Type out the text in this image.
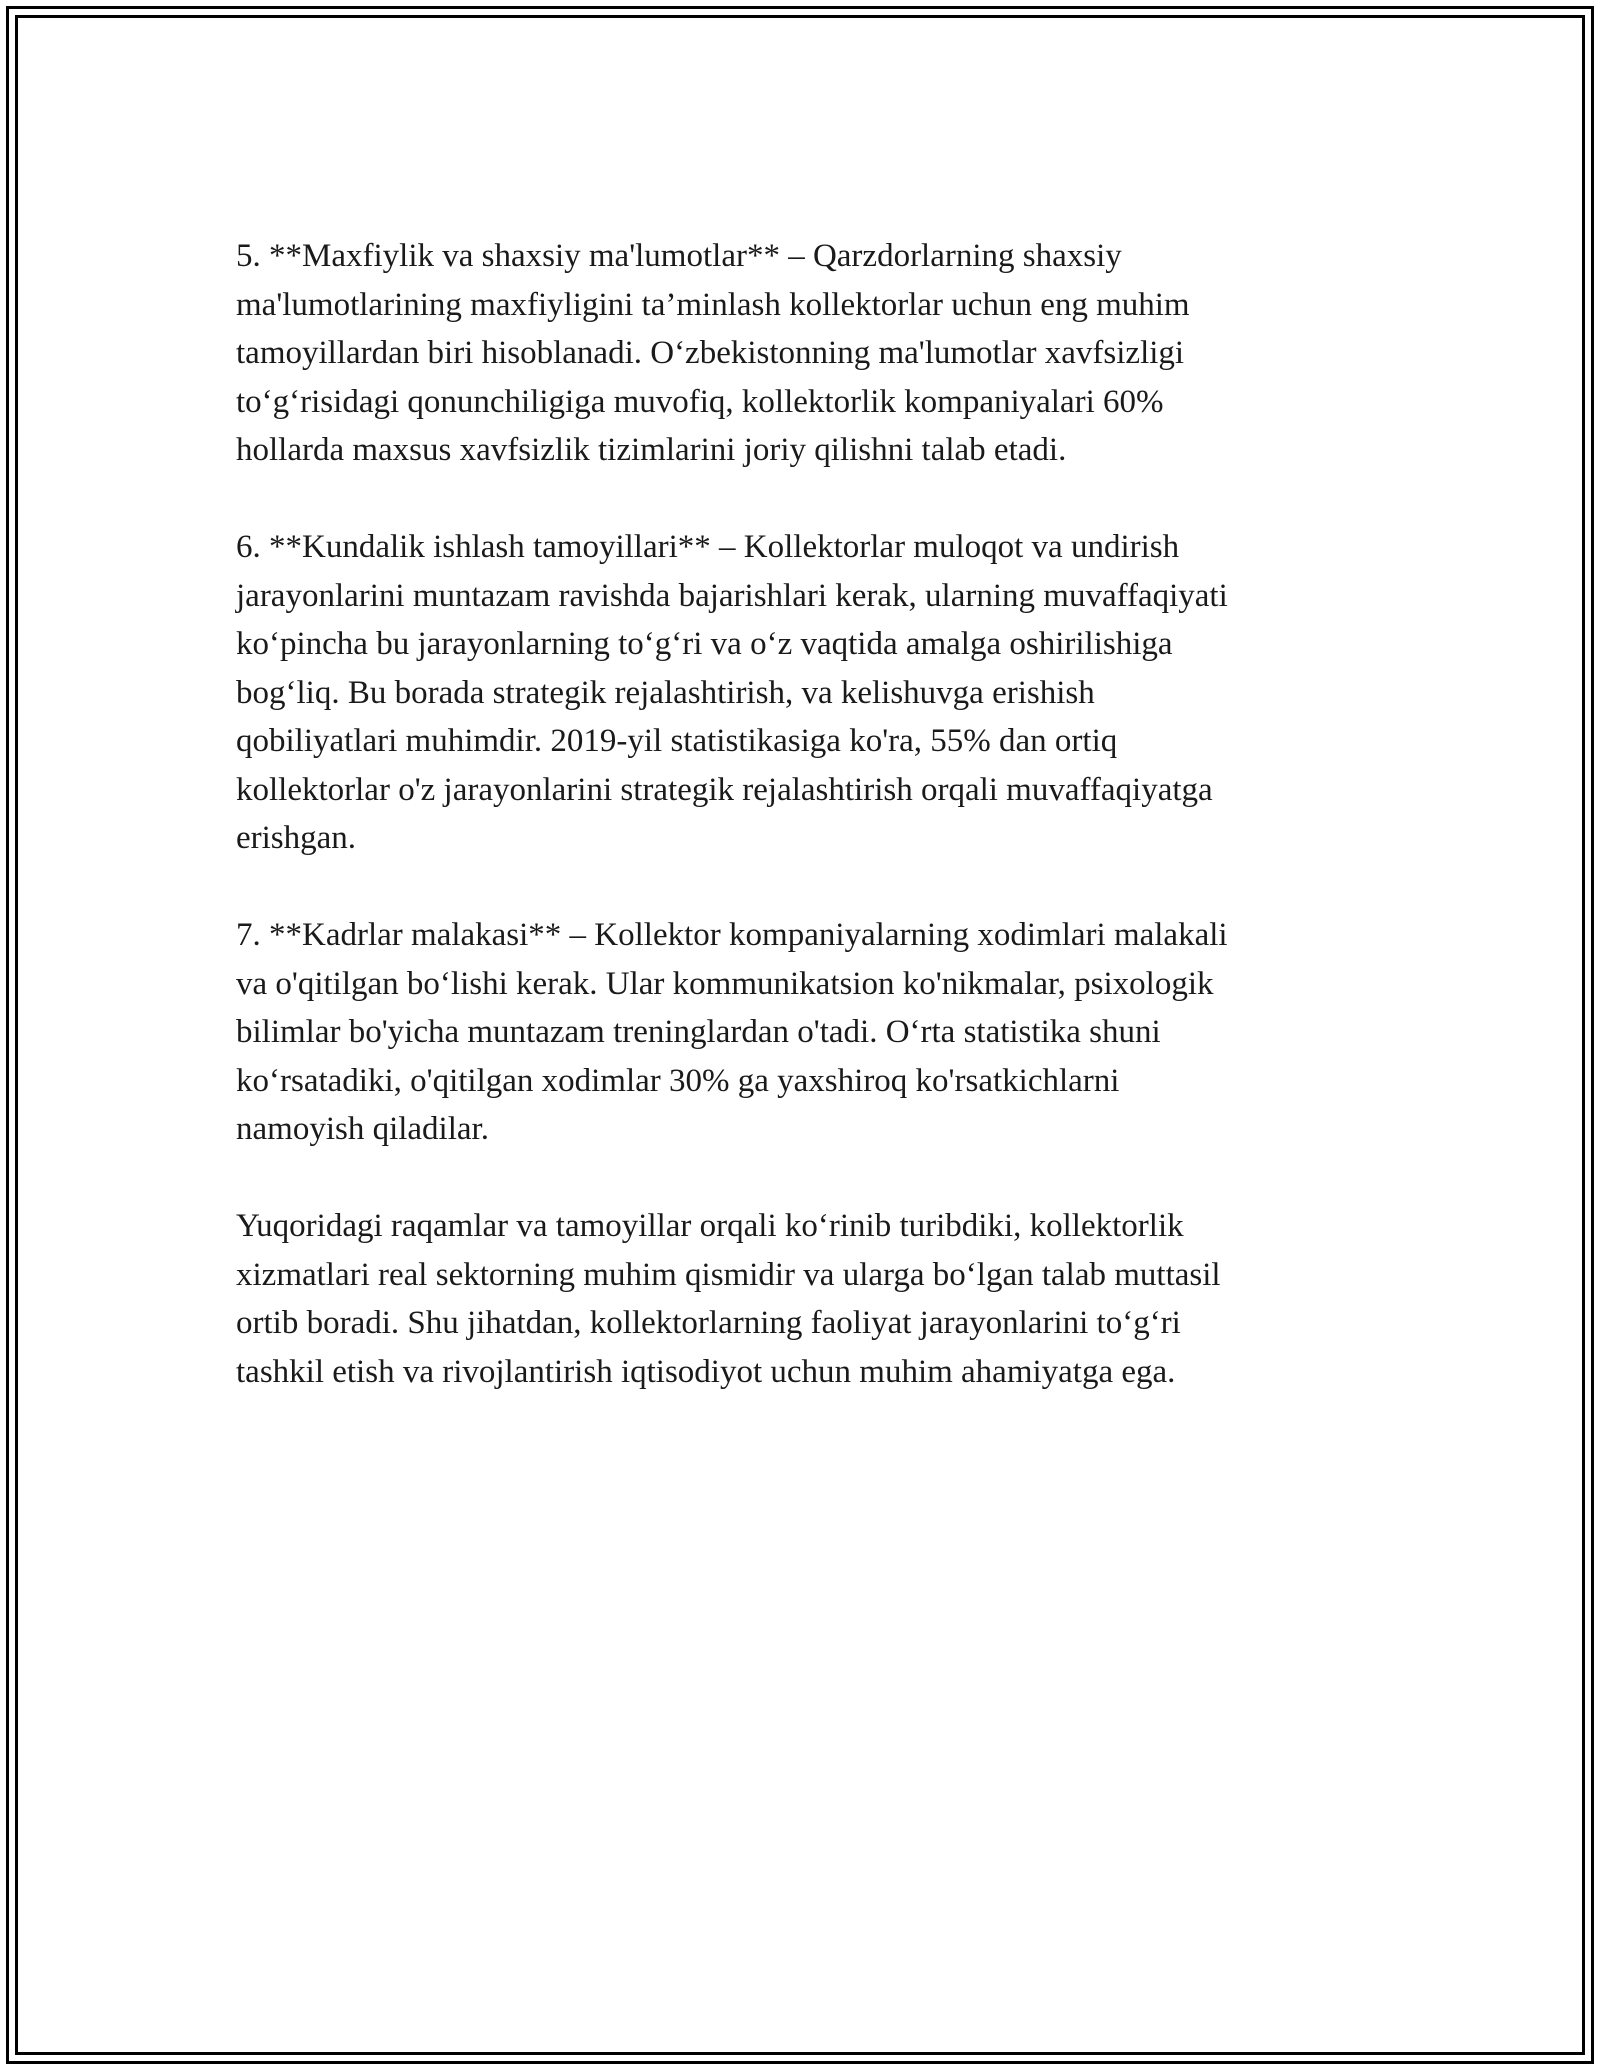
5. **Maxfiylik va shaxsiy ma'lumotlar** – Qarzdorlarning shaxsiy
ma'lumotlarining maxfiyligini ta’minlash kollektorlar uchun eng muhim
tamoyillardan biri hisoblanadi. O‘zbekistonning ma'lumotlar xavfsizligi
to‘g‘risidagi qonunchiligiga muvofiq, kollektorlik kompaniyalari 60%
hollarda maxsus xavfsizlik tizimlarini joriy qilishni talab etadi.

6. **Kundalik ishlash tamoyillari** – Kollektorlar muloqot va undirish
jarayonlarini muntazam ravishda bajarishlari kerak, ularning muvaffaqiyati
ko‘pincha bu jarayonlarning to‘g‘ri va o‘z vaqtida amalga oshirilishiga
bog‘liq. Bu borada strategik rejalashtirish, va kelishuvga erishish
qobiliyatlari muhimdir. 2019-yil statistikasiga ko'ra, 55% dan ortiq
kollektorlar o'z jarayonlarini strategik rejalashtirish orqali muvaffaqiyatga
erishgan.

7. **Kadrlar malakasi** – Kollektor kompaniyalarning xodimlari malakali
va o'qitilgan bo‘lishi kerak. Ular kommunikatsion ko'nikmalar, psixologik
bilimlar bo'yicha muntazam treninglardan o'tadi. O‘rta statistika shuni
ko‘rsatadiki, o'qitilgan xodimlar 30% ga yaxshiroq ko'rsatkichlarni
namoyish qiladilar.

Yuqoridagi raqamlar va tamoyillar orqali ko‘rinib turibdiki, kollektorlik
xizmatlari real sektorning muhim qismidir va ularga bo‘lgan talab muttasil
ortib boradi. Shu jihatdan, kollektorlarning faoliyat jarayonlarini to‘g‘ri
tashkil etish va rivojlantirish iqtisodiyot uchun muhim ahamiyatga ega.
